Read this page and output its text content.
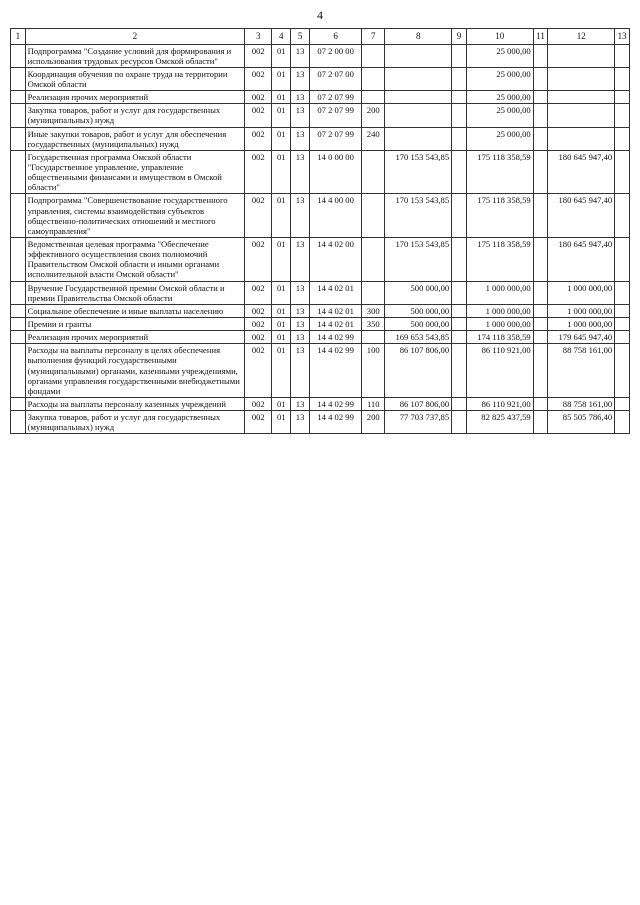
4
1	2	3	4	5	6	7	8	9	10	11	12	13
	Подпрограмма "Создание условий для формирования и использования трудовых ресурсов Омской области"	002	01	13	07 2 00 00				25 000,00			
	Координация обучения по охране труда на территории Омской области	002	01	13	07 2 07 00				25 000,00			
	Реализация прочих мероприятий	002	01	13	07 2 07 99				25 000,00			
	Закупка товаров, работ и услуг для государственных (муниципальных) нужд	002	01	13	07 2 07 99	200			25 000,00			
	Иные закупки товаров, работ и услуг для обеспечения государственных (муниципальных) нужд	002	01	13	07 2 07 99	240			25 000,00			
	Государственная программа Омской области "Государственное управление, управление общественными финансами и имуществом в Омской области"	002	01	13	14 0 00 00		170 153 543,85		175 118 358,59		180 645 947,40	
	Подпрограмма "Совершенствование государственного управления, системы взаимодействия субъектов общественно-политических отношений и местного самоуправления"	002	01	13	14 4 00 00		170 153 543,85		175 118 358,59		180 645 947,40	
	Ведомственная целевая программа "Обеспечение эффективного осуществления своих полномочий Правительством Омской области и иными органами исполнительной власти Омской области"	002	01	13	14 4 02 00		170 153 543,85		175 118 358,59		180 645 947,40	
	Вручение Государственной премии Омской области и премии Правительства Омской области	002	01	13	14 4 02 01		500 000,00		1 000 000,00		1 000 000,00	
	Социальное обеспечение и иные выплаты населению	002	01	13	14 4 02 01	300	500 000,00		1 000 000,00		1 000 000,00	
	Премии и гранты	002	01	13	14 4 02 01	350	500 000,00		1 000 000,00		1 000 000,00	
	Реализация прочих мероприятий	002	01	13	14 4 02 99		169 653 543,85		174 118 358,59		179 645 947,40	
	Расходы на выплаты персоналу в целях обеспечения выполнения функций государственными (муниципальными) органами, казенными учреждениями, органами управления государственными внебюджетными фондами	002	01	13	14 4 02 99	100	86 107 806,00		86 110 921,00		88 758 161,00	
	Расходы на выплаты персоналу казенных учреждений	002	01	13	14 4 02 99	110	86 107 806,00		86 110 921,00		88 758 161,00	
	Закупка товаров, работ и услуг для государственных (муниципальных) нужд	002	01	13	14 4 02 99	200	77 703 737,85		82 825 437,59		85 505 786,40	
